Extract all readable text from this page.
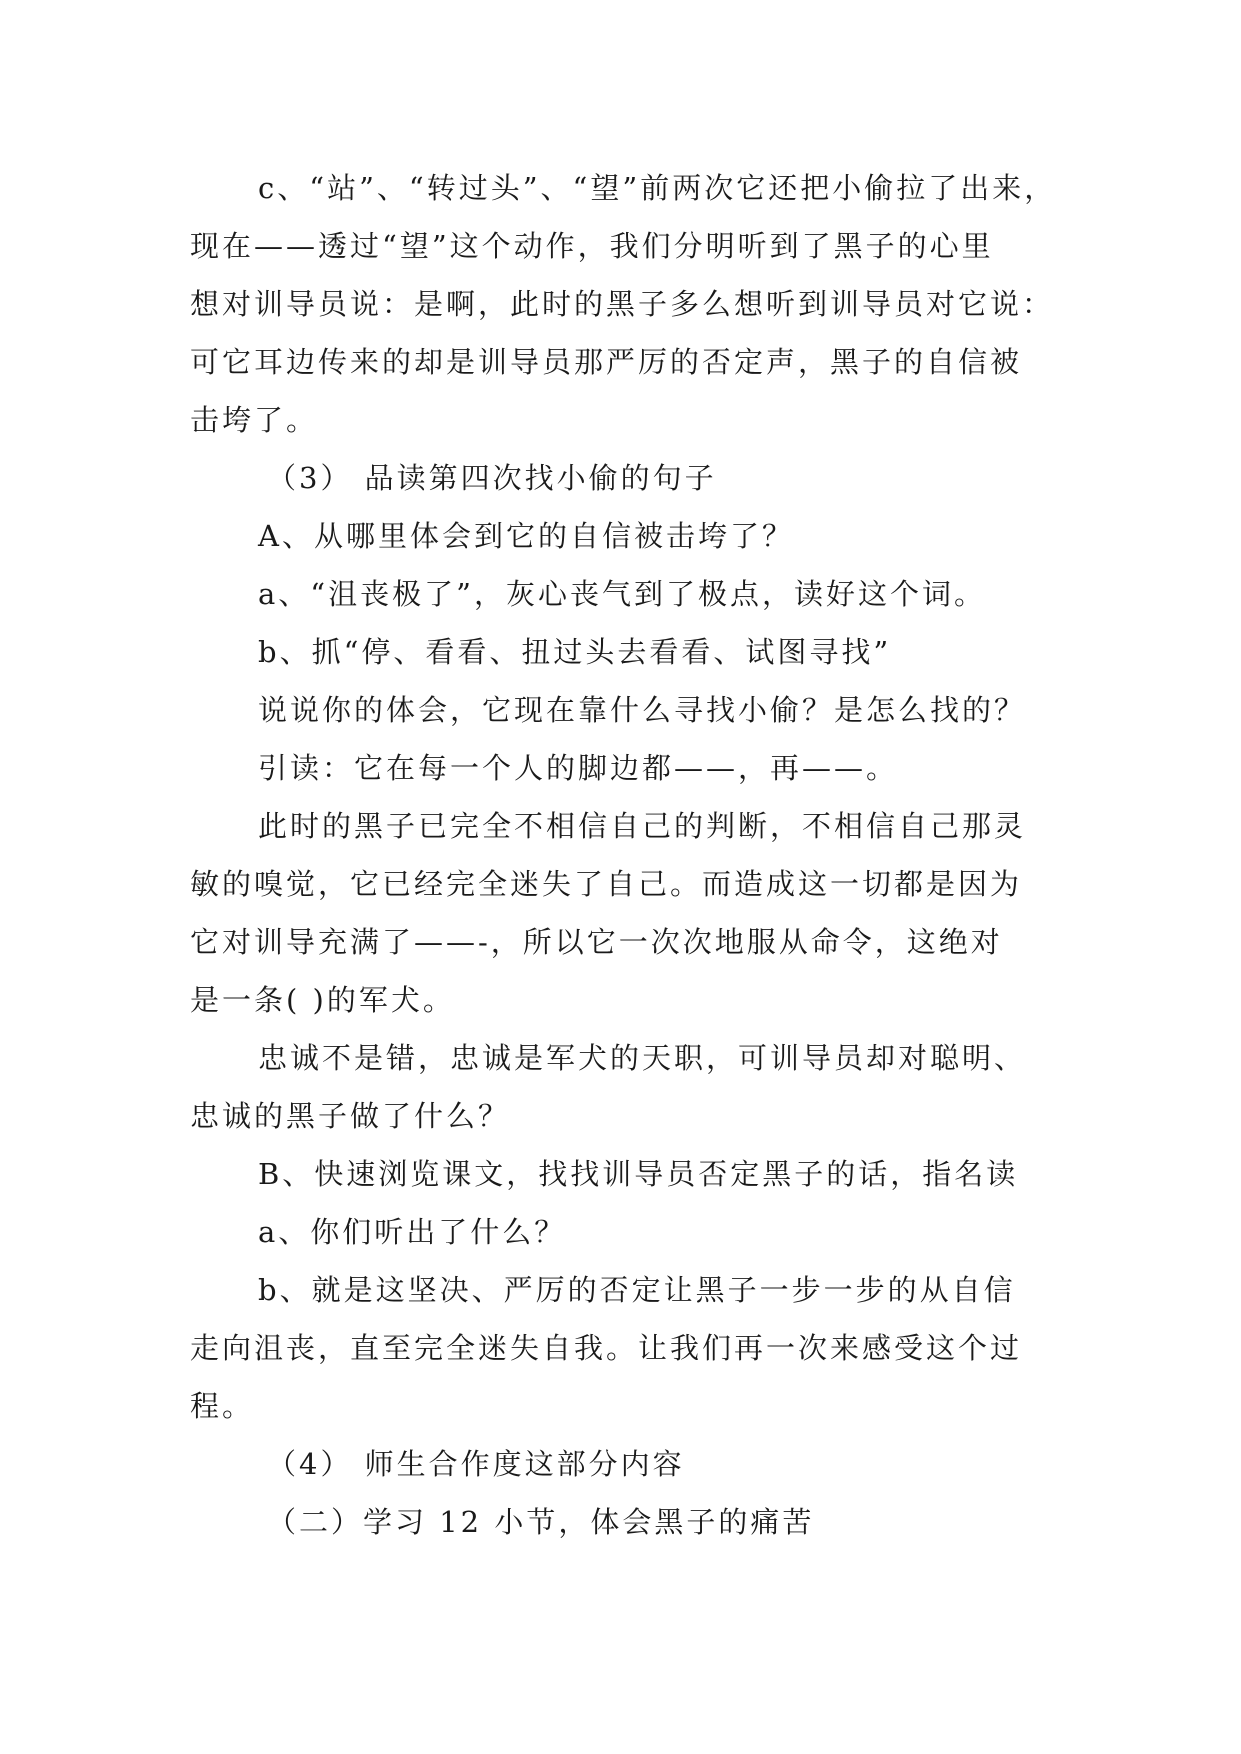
c、“站”、“转过头”、“望”前两次它还把小偷拉了出来，
现在——透过“望”这个动作，我们分明听到了黑子的心里
想对训导员说：是啊，此时的黑子多么想听到训导员对它说：
可它耳边传来的却是训导员那严厉的否定声，黑子的自信被
击垮了。
（3） 品读第四次找小偷的句子
A、从哪里体会到它的自信被击垮了？
a、“沮丧极了”，灰心丧气到了极点，读好这个词。
b、抓“停、看看、扭过头去看看、试图寻找”
说说你的体会，它现在靠什么寻找小偷？是怎么找的？
引读：它在每一个人的脚边都——，再——。
此时的黑子已完全不相信自己的判断，不相信自己那灵
敏的嗅觉，它已经完全迷失了自己。而造成这一切都是因为
它对训导充满了——-，所以它一次次地服从命令，这绝对
是一条( )的军犬。
忠诚不是错，忠诚是军犬的天职，可训导员却对聪明、
忠诚的黑子做了什么？
B、快速浏览课文，找找训导员否定黑子的话，指名读
a、你们听出了什么？
b、就是这坚决、严厉的否定让黑子一步一步的从自信
走向沮丧，直至完全迷失自我。让我们再一次来感受这个过
程。
（4） 师生合作度这部分内容
（二）学习 12 小节，体会黑子的痛苦
